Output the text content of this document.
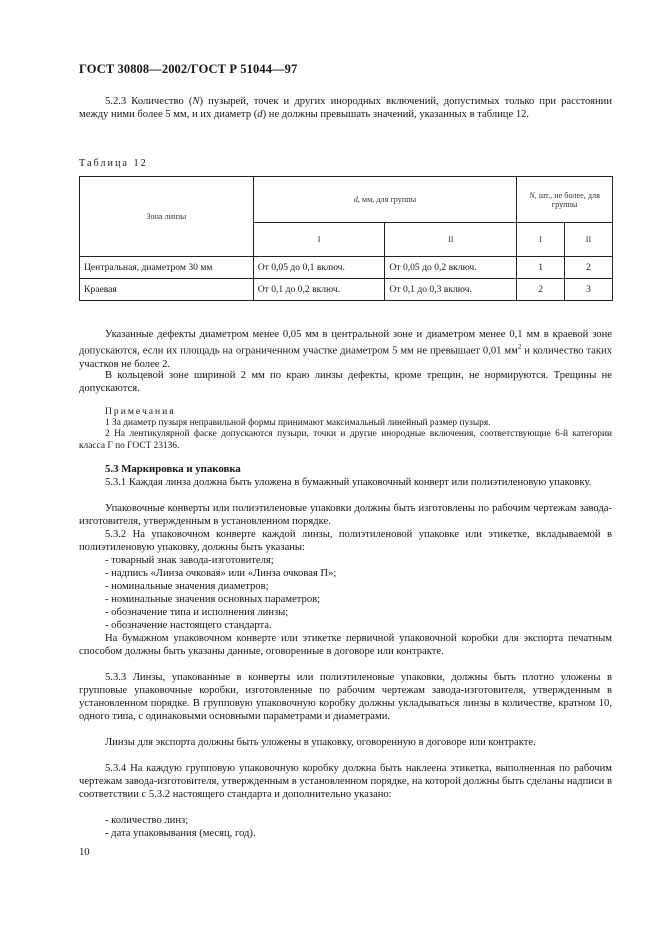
ГОСТ 30808—2002/ГОСТ Р 51044—97
5.2.3 Количество (N) пузырей, точек и других инородных включений, допустимых только при расстоянии между ними более 5 мм, и их диаметр (d) не должны превышать значений, указанных в таблице 12.
Таблица 12
Зона линзы	d, мм, для группы		N, шт., не более, для группы	
	I	II	I	II
Центральная, диаметром 30 мм	От 0,05 до 0,1 включ.	От 0,05 до 0,2 включ.	1	2
Краевая	От 0,1 до 0,2 включ.	От 0,1 до 0,3 включ.	2	3
Указанные дефекты диаметром менее 0,05 мм в центральной зоне и диаметром менее 0,1 мм в краевой зоне допускаются, если их площадь на ограниченном участке диаметром 5 мм не превышает 0,01 $мм^2$ и количество таких участков не более 2.
В кольцевой зоне шириной 2 мм по краю линзы дефекты, кроме трещин, не нормируются. Трещины не допускаются.
Примечания
1 За диаметр пузыря неправильной формы принимают максимальный линейный размер пузыря.
2 На лентикулярной фаске допускаются пузыри, точки и другие инородные включения, соответствующие 6-й категории класса Г по ГОСТ 23136.
5.3 Маркировка и упаковка
5.3.1 Каждая линза должна быть уложена в бумажный упаковочный конверт или полиэтиленовую упаковку.
Упаковочные конверты или полиэтиленовые упаковки должны быть изготовлены по рабочим чертежам завода-изготовителя, утвержденным в установленном порядке.
5.3.2 На упаковочном конверте каждой линзы, полиэтиленовой упаковке или этикетке, вкладываемой в полиэтиленовую упаковку, должны быть указаны:
- товарный знак завода-изготовителя;
- надпись «Линза очковая» или «Линза очковая П»;
- номинальные значения диаметров;
- номинальные значения основных параметров;
- обозначение типа и исполнения линзы;
- обозначение настоящего стандарта.
На бумажном упаковочном конверте или этикетке первичной упаковочной коробки для экспорта печатным способом должны быть указаны данные, оговоренные в договоре или контракте.
5.3.3 Линзы, упакованные в конверты или полиэтиленовые упаковки, должны быть плотно уложены в групповые упаковочные коробки, изготовленные по рабочим чертежам завода-изготовителя, утвержденным в установленном порядке. В групповую упаковочную коробку должны укладываться линзы в количестве, кратном 10, одного типа, с одинаковыми основными параметрами и диаметрами.
Линзы для экспорта должны быть уложены в упаковку, оговоренную в договоре или контракте.
5.3.4 На каждую групповую упаковочную коробку должна быть наклеена этикетка, выполненная по рабочим чертежам завода-изготовителя, утвержденным в установленном порядке, на которой должны быть сделаны надписи в соответствии с 5.3.2 настоящего стандарта и дополнительно указано:
- количество линз;
- дата упаковывания (месяц, год).
10
